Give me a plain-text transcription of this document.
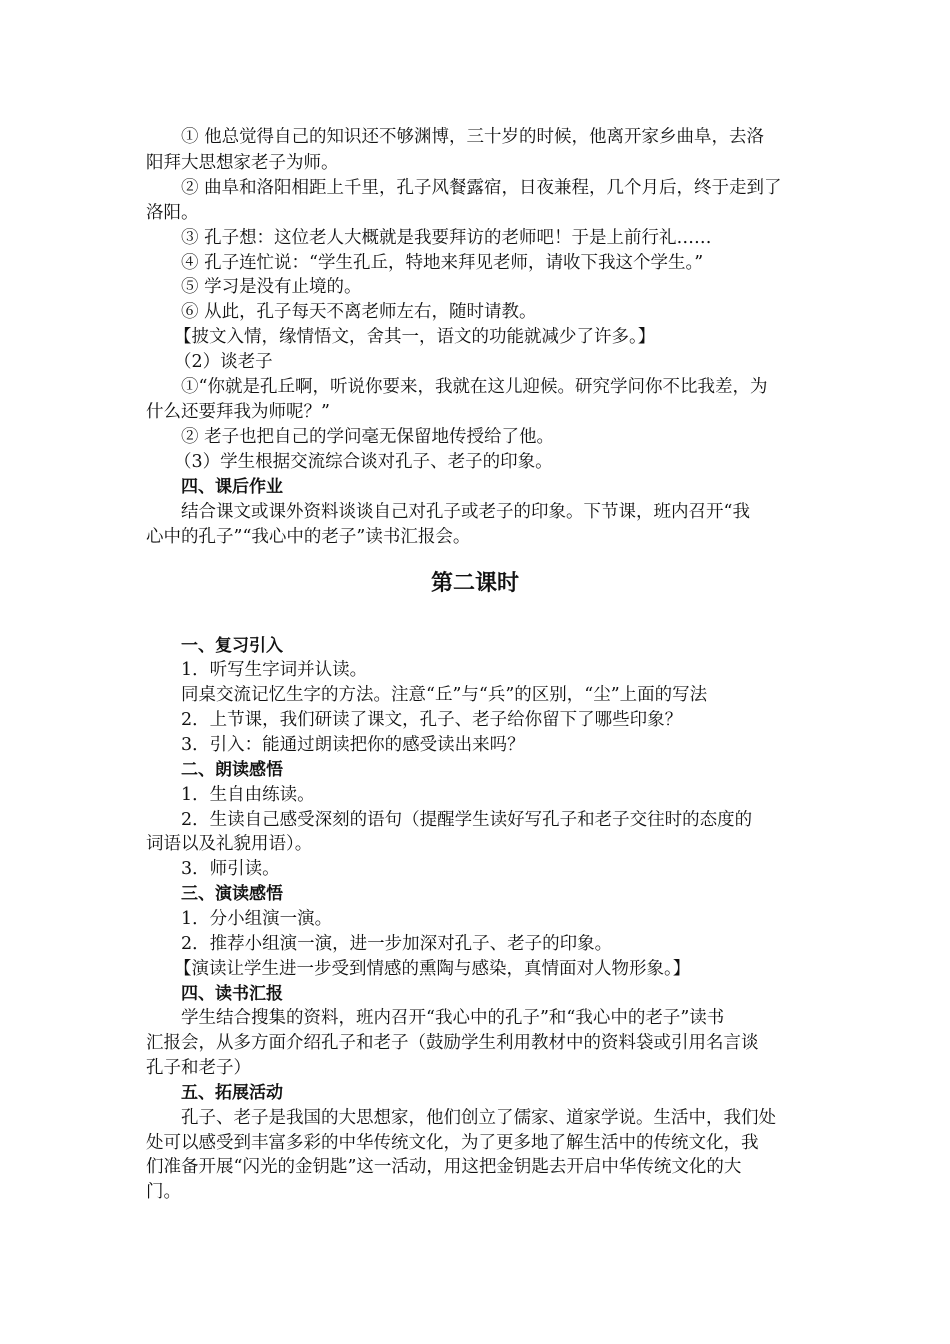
① 他总觉得自己的知识还不够渊博，三十岁的时候，他离开家乡曲阜，去洛
阳拜大思想家老子为师。
② 曲阜和洛阳相距上千里，孔子风餐露宿，日夜兼程，几个月后，终于走到了
洛阳。
③ 孔子想：这位老人大概就是我要拜访的老师吧！于是上前行礼……
④ 孔子连忙说：“学生孔丘，特地来拜见老师，请收下我这个学生。”
⑤ 学习是没有止境的。
⑥ 从此，孔子每天不离老师左右，随时请教。
【披文入情，缘情悟文，舍其一，语文的功能就减少了许多。】
（2）谈老子
①“你就是孔丘啊，听说你要来，我就在这儿迎候。研究学问你不比我差，为
什么还要拜我为师呢？”
② 老子也把自己的学问毫无保留地传授给了他。
（3）学生根据交流综合谈对孔子、老子的印象。
四、课后作业
结合课文或课外资料谈谈自己对孔子或老子的印象。下节课，班内召开“我
心中的孔子”“我心中的老子”读书汇报会。
第二课时
一、复习引入
1．听写生字词并认读。
同桌交流记忆生字的方法。注意“丘”与“兵”的区别，“尘”上面的写法
2．上节课，我们研读了课文，孔子、老子给你留下了哪些印象？
3．引入：能通过朗读把你的感受读出来吗？
二、朗读感悟
1．生自由练读。
2．生读自己感受深刻的语句（提醒学生读好写孔子和老子交往时的态度的
词语以及礼貌用语）。
3．师引读。
三、演读感悟
1．分小组演一演。
2．推荐小组演一演，进一步加深对孔子、老子的印象。
【演读让学生进一步受到情感的熏陶与感染，真情面对人物形象。】
四、读书汇报
学生结合搜集的资料，班内召开“我心中的孔子”和“我心中的老子”读书
汇报会，从多方面介绍孔子和老子（鼓励学生利用教材中的资料袋或引用名言谈
孔子和老子）
五、拓展活动
孔子、老子是我国的大思想家，他们创立了儒家、道家学说。生活中，我们处
处可以感受到丰富多彩的中华传统文化，为了更多地了解生活中的传统文化，我
们准备开展“闪光的金钥匙”这一活动，用这把金钥匙去开启中华传统文化的大
门。
